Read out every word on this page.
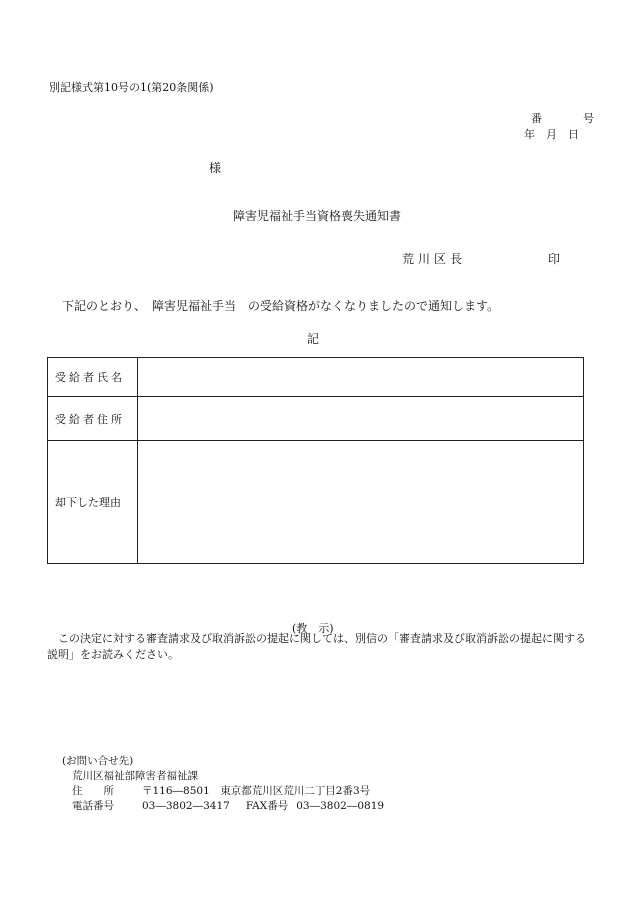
別記様式第10号の1(第20条関係)
番	号
年　月　日
様
障害児福祉手当資格喪失通知書
荒川区長	印
下記のとおり、　障害児福祉手当　の受給資格がなくなりましたので通知します。
記
受給者氏名	
受給者住所	
却下した理由	
(教　示)
この決定に対する審査請求及び取消訴訟の提起に関しては、別信の「審査請求及び取消訴訟の提起に関する説明」をお読みください。
(お問い合せ先)
荒川区福祉部障害者福祉課
住　　所	〒116―8501　東京都荒川区荒川二丁目2番3号
電話番号	03―3802―3417 FAX番号 03―3802―0819
